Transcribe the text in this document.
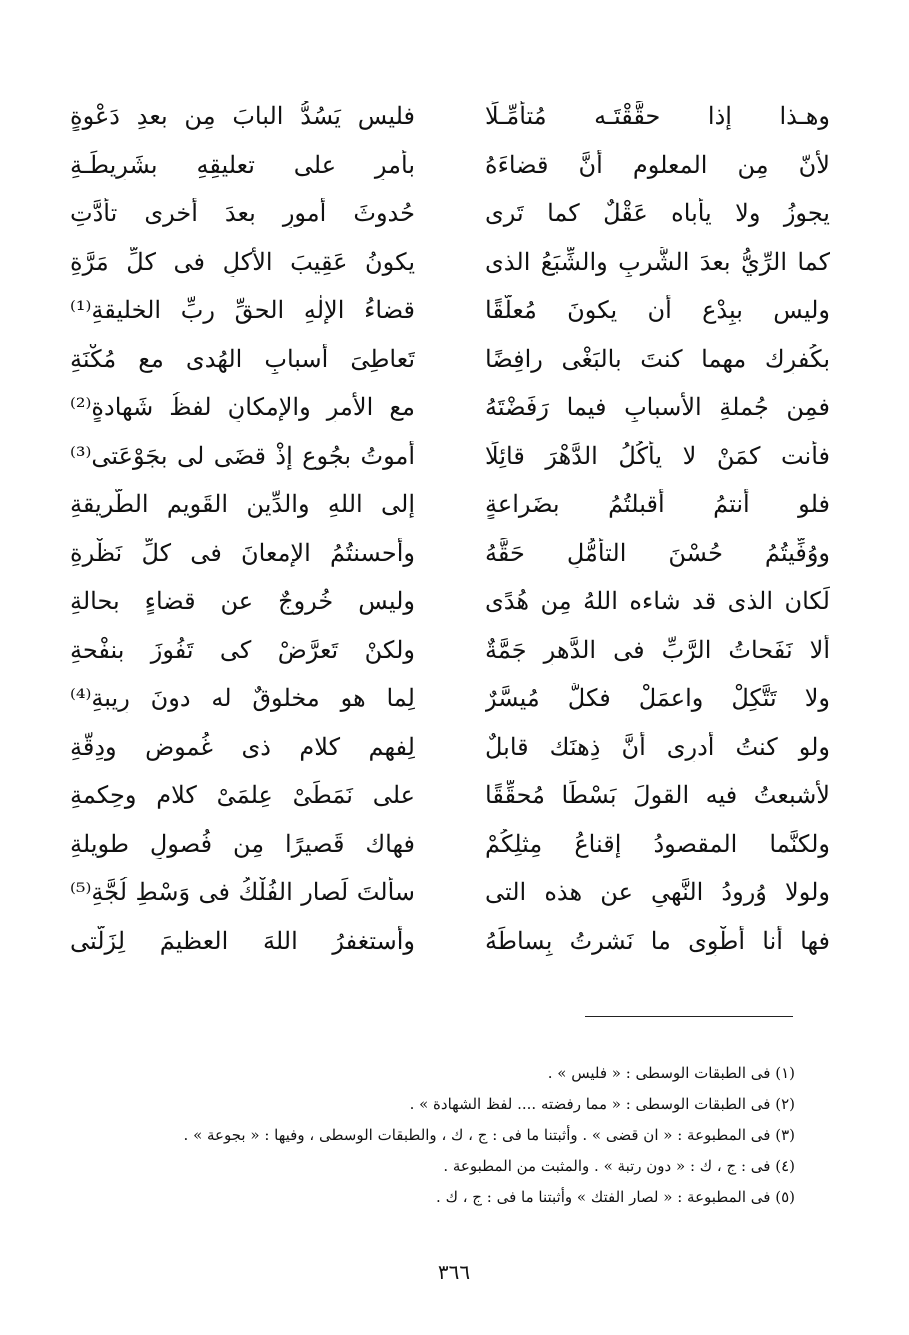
وهـذا إذا حقَّقْتَـه مُتأمِّـلًا
فليس يَسُدُّ البابَ مِن بعدِ دَعْوةٍ
لأنّ مِن المعلومِ أنَّ قضاءَهُ
بأمرٍ على تعليقِهِ بشَرِيطَـةِ
يجوزُ ولا يأباه عَقْلٌ كما تَرى
حُدوثَ أُمورٍ بعدَ أخرى تأدَّتِ
كما الرِّيُّ بعدَ الشُّربِ والشِّبَعُ الذى
يكونُ عَقِيبَ الأكلِ فى كلِّ مَرَّةِ
وليس ببِدْعٍ أن يكونَ مُعلَّقًا
قضاءُ الإلٰهِ الحقِّ ربِّ الخليقةِ⁽¹⁾
بكُفرِك مهما كنتَ بالبَغْى رافِضًا
تَعاطِىَ أسبابِ الهُدى مع مُكْنَةِ
فمِن جُملةِ الأسبابِ فيما رَفَضْتَهُ
مع الأمرِ والإمكانِ لفظُ شَهادةٍ⁽²⁾
فأنت كمَنْ لا يأكُلُ الدَّهْرَ قائِلًا
أموتُ بجُوعٍ إذْ قضَى لى بجَوْعَتى⁽³⁾
فلو أنتمُ أقبلتُمُ بضَراعةٍ
إلى اللهِ والدِّينِ القَويمِ الطَّريقةِ
ووُفِّيتُمُ حُسْنَ التأمُّلِ حَقَّهُ
وأحسنتُمُ الإمعانَ فى كلِّ نَظْرةِ
لَكان الذى قد شاءه اللهُ مِن هُدًى
وليس خُروجٌ عن قضاءٍ بحالةِ
ألا نَفَحاتُ الرَّبِّ فى الدَّهرِ جَمَّةٌ
ولكنْ تَعرَّضْ كى تَفُوزَ بنفْحةِ
ولا تَتَّكِلْ واعمَلْ فكلٌّ مُيسَّرٌ
لِما هو مخلوقٌ له دونَ رِيبةِ⁽⁴⁾
ولو كنتُ أدرِى أنَّ ذِهنَك قابلٌ
لِفهمِ كلامٍ ذى غُموضٍ ودِقَّةِ
لأشبعتُ فيه القولَ بَسْطًا مُحقِّقًا
على نَمَطَىْ عِلمَىْ كلامٍ وحِكمةِ
ولكنَّما المقصودُ إقناعُ مِثلِكُمْ
فهاك قَصيرًا مِن فُصولٍ طويلةِ
ولولا وُرودُ النَّهىِ عن هذه التى
سألتَ لَصار الفُلْكُ فى وَسْطِ لُجَّةِ⁽⁵⁾
فها أنا أطْوِى ما نَشرتُ بِساطَهُ
وأستغفرُ اللهَ العظيمَ لِزَلَّتى
(١) فى الطبقات الوسطى : « فليس » .
(٢) فى الطبقات الوسطى : « مما رفضته .... لفظ الشهادة » .
(٣) فى المطبوعة : « ان قضى » . وأثبتنا ما فى : ج ، ك ، والطبقات الوسطى ، وفيها : « بجوعة » .
(٤) فى : ج ، ك : « دون رتبة » . والمثبت من المطبوعة .
(٥) فى المطبوعة : « لصار الفتك » وأثبتنا ما فى : ج ، ك .
٣٦٦
